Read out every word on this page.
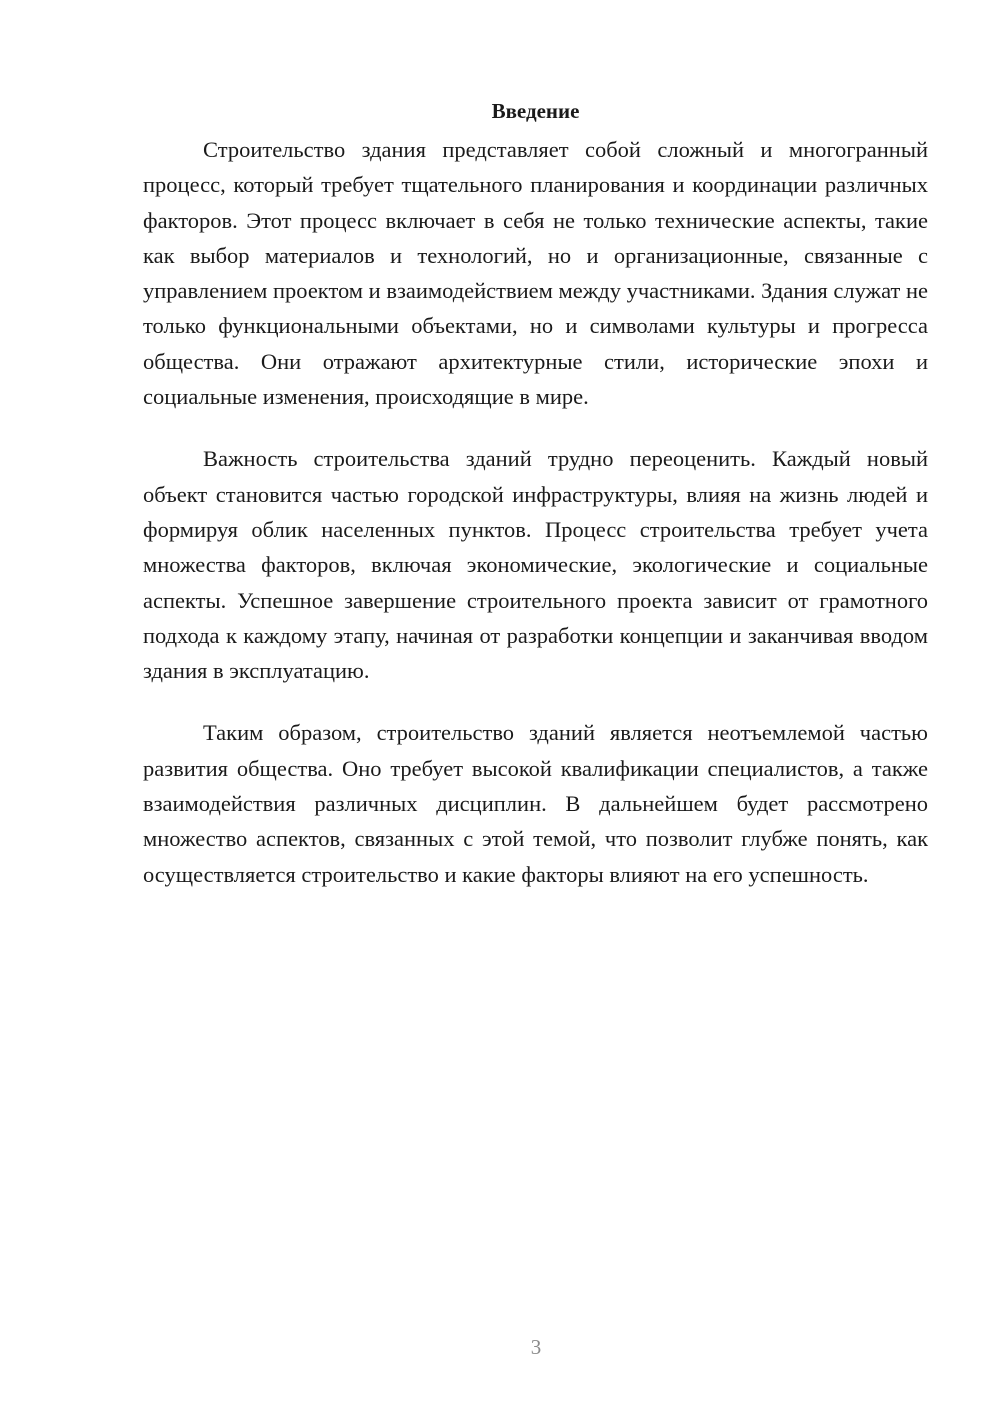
Введение

Строительство здания представляет собой сложный и многогранный процесс, который требует тщательного планирования и координации различных факторов. Этот процесс включает в себя не только технические аспекты, такие как выбор материалов и технологий, но и организационные, связанные с управлением проектом и взаимодействием между участниками. Здания служат не только функциональными объектами, но и символами культуры и прогресса общества. Они отражают архитектурные стили, исторические эпохи и социальные изменения, происходящие в мире.

Важность строительства зданий трудно переоценить. Каждый новый объект становится частью городской инфраструктуры, влияя на жизнь людей и формируя облик населенных пунктов. Процесс строительства требует учета множества факторов, включая экономические, экологические и социальные аспекты. Успешное завершение строительного проекта зависит от грамотного подхода к каждому этапу, начиная от разработки концепции и заканчивая вводом здания в эксплуатацию.

Таким образом, строительство зданий является неотъемлемой частью развития общества. Оно требует высокой квалификации специалистов, а также взаимодействия различных дисциплин. В дальнейшем будет рассмотрено множество аспектов, связанных с этой темой, что позволит глубже понять, как осуществляется строительство и какие факторы влияют на его успешность.

3
